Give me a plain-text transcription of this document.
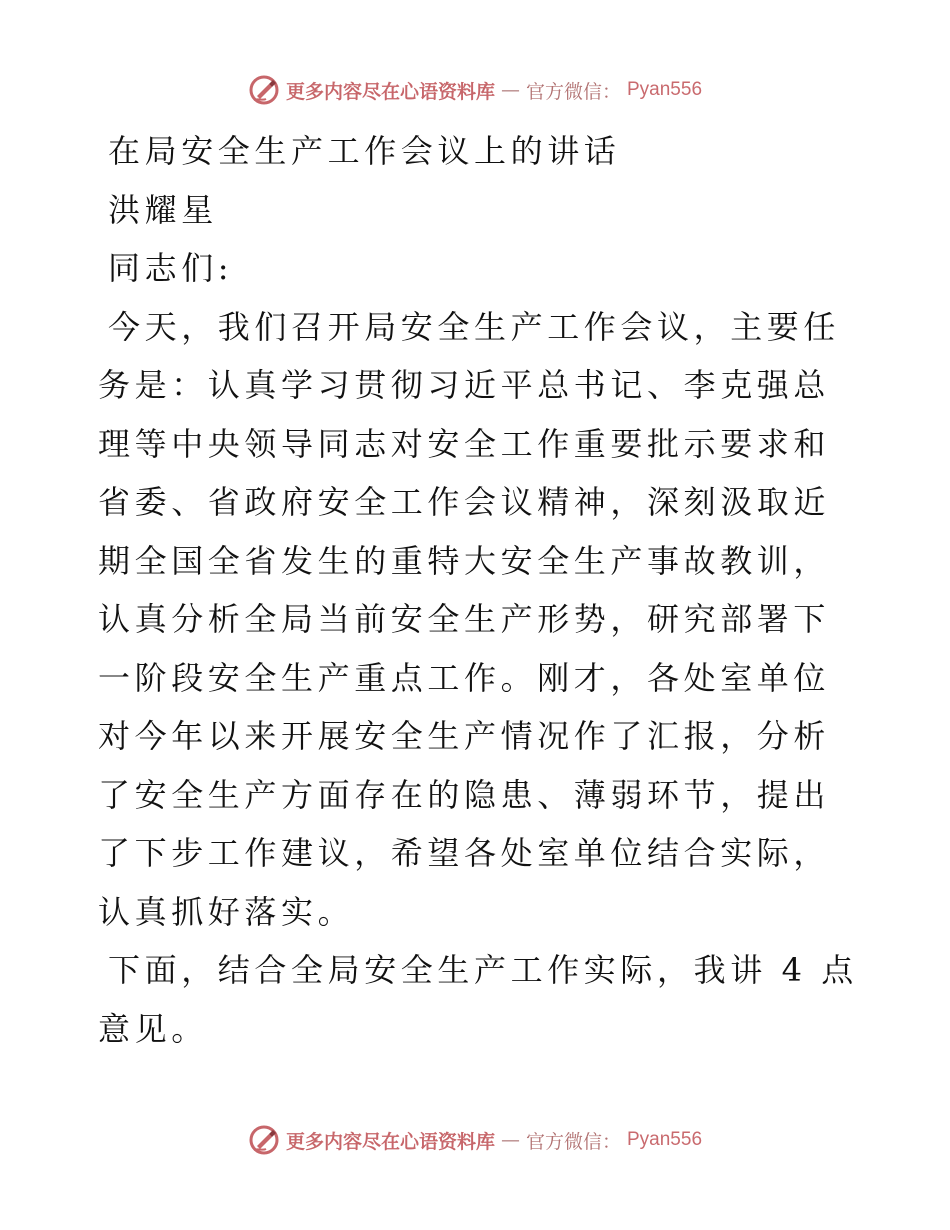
更多内容尽在心语资料库 — 官方微信： Pyan556

在局安全生产工作会议上的讲话

洪耀星

同志们:

今天，我们召开局安全生产工作会议，主要任务是：认真学习贯彻习近平总书记、李克强总理等中央领导同志对安全工作重要批示要求和省委、省政府安全工作会议精神，深刻汲取近期全国全省发生的重特大安全生产事故教训，认真分析全局当前安全生产形势，研究部署下一阶段安全生产重点工作。刚才，各处室单位对今年以来开展安全生产情况作了汇报，分析了安全生产方面存在的隐患、薄弱环节，提出了下步工作建议，希望各处室单位结合实际，认真抓好落实。

下面，结合全局安全生产工作实际，我讲 4 点意见。

更多内容尽在心语资料库 — 官方微信： Pyan556
